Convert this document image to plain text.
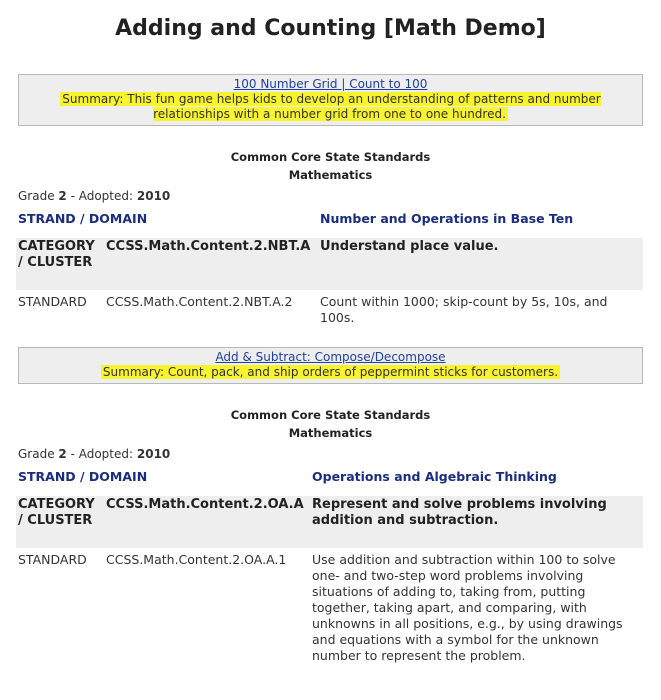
Adding and Counting [Math Demo]
100 Number Grid | Count to 100
Summary: This fun game helps kids to develop an understanding of patterns and number relationships with a number grid from one to one hundred.
Common Core State Standards
Mathematics
Grade 2 - Adopted: 2010
STRAND / DOMAIN		Number and Operations in Base Ten

CATEGORY / CLUSTER	CCSS.Math.Content.2.NBT.A	Understand place value.
STANDARD	CCSS.Math.Content.2.NBT.A.2	Count within 1000; skip-count by 5s, 10s, and 100s.
Add & Subtract: Compose/Decompose
Summary: Count, pack, and ship orders of peppermint sticks for customers.
Common Core State Standards
Mathematics
Grade 2 - Adopted: 2010
STRAND / DOMAIN		Operations and Algebraic Thinking

CATEGORY / CLUSTER	CCSS.Math.Content.2.OA.A	Represent and solve problems involving addition and subtraction.
STANDARD	CCSS.Math.Content.2.OA.A.1	Use addition and subtraction within 100 to solve one- and two-step word problems involving situations of adding to, taking from, putting together, taking apart, and comparing, with unknowns in all positions, e.g., by using drawings and equations with a symbol for the unknown number to represent the problem.
